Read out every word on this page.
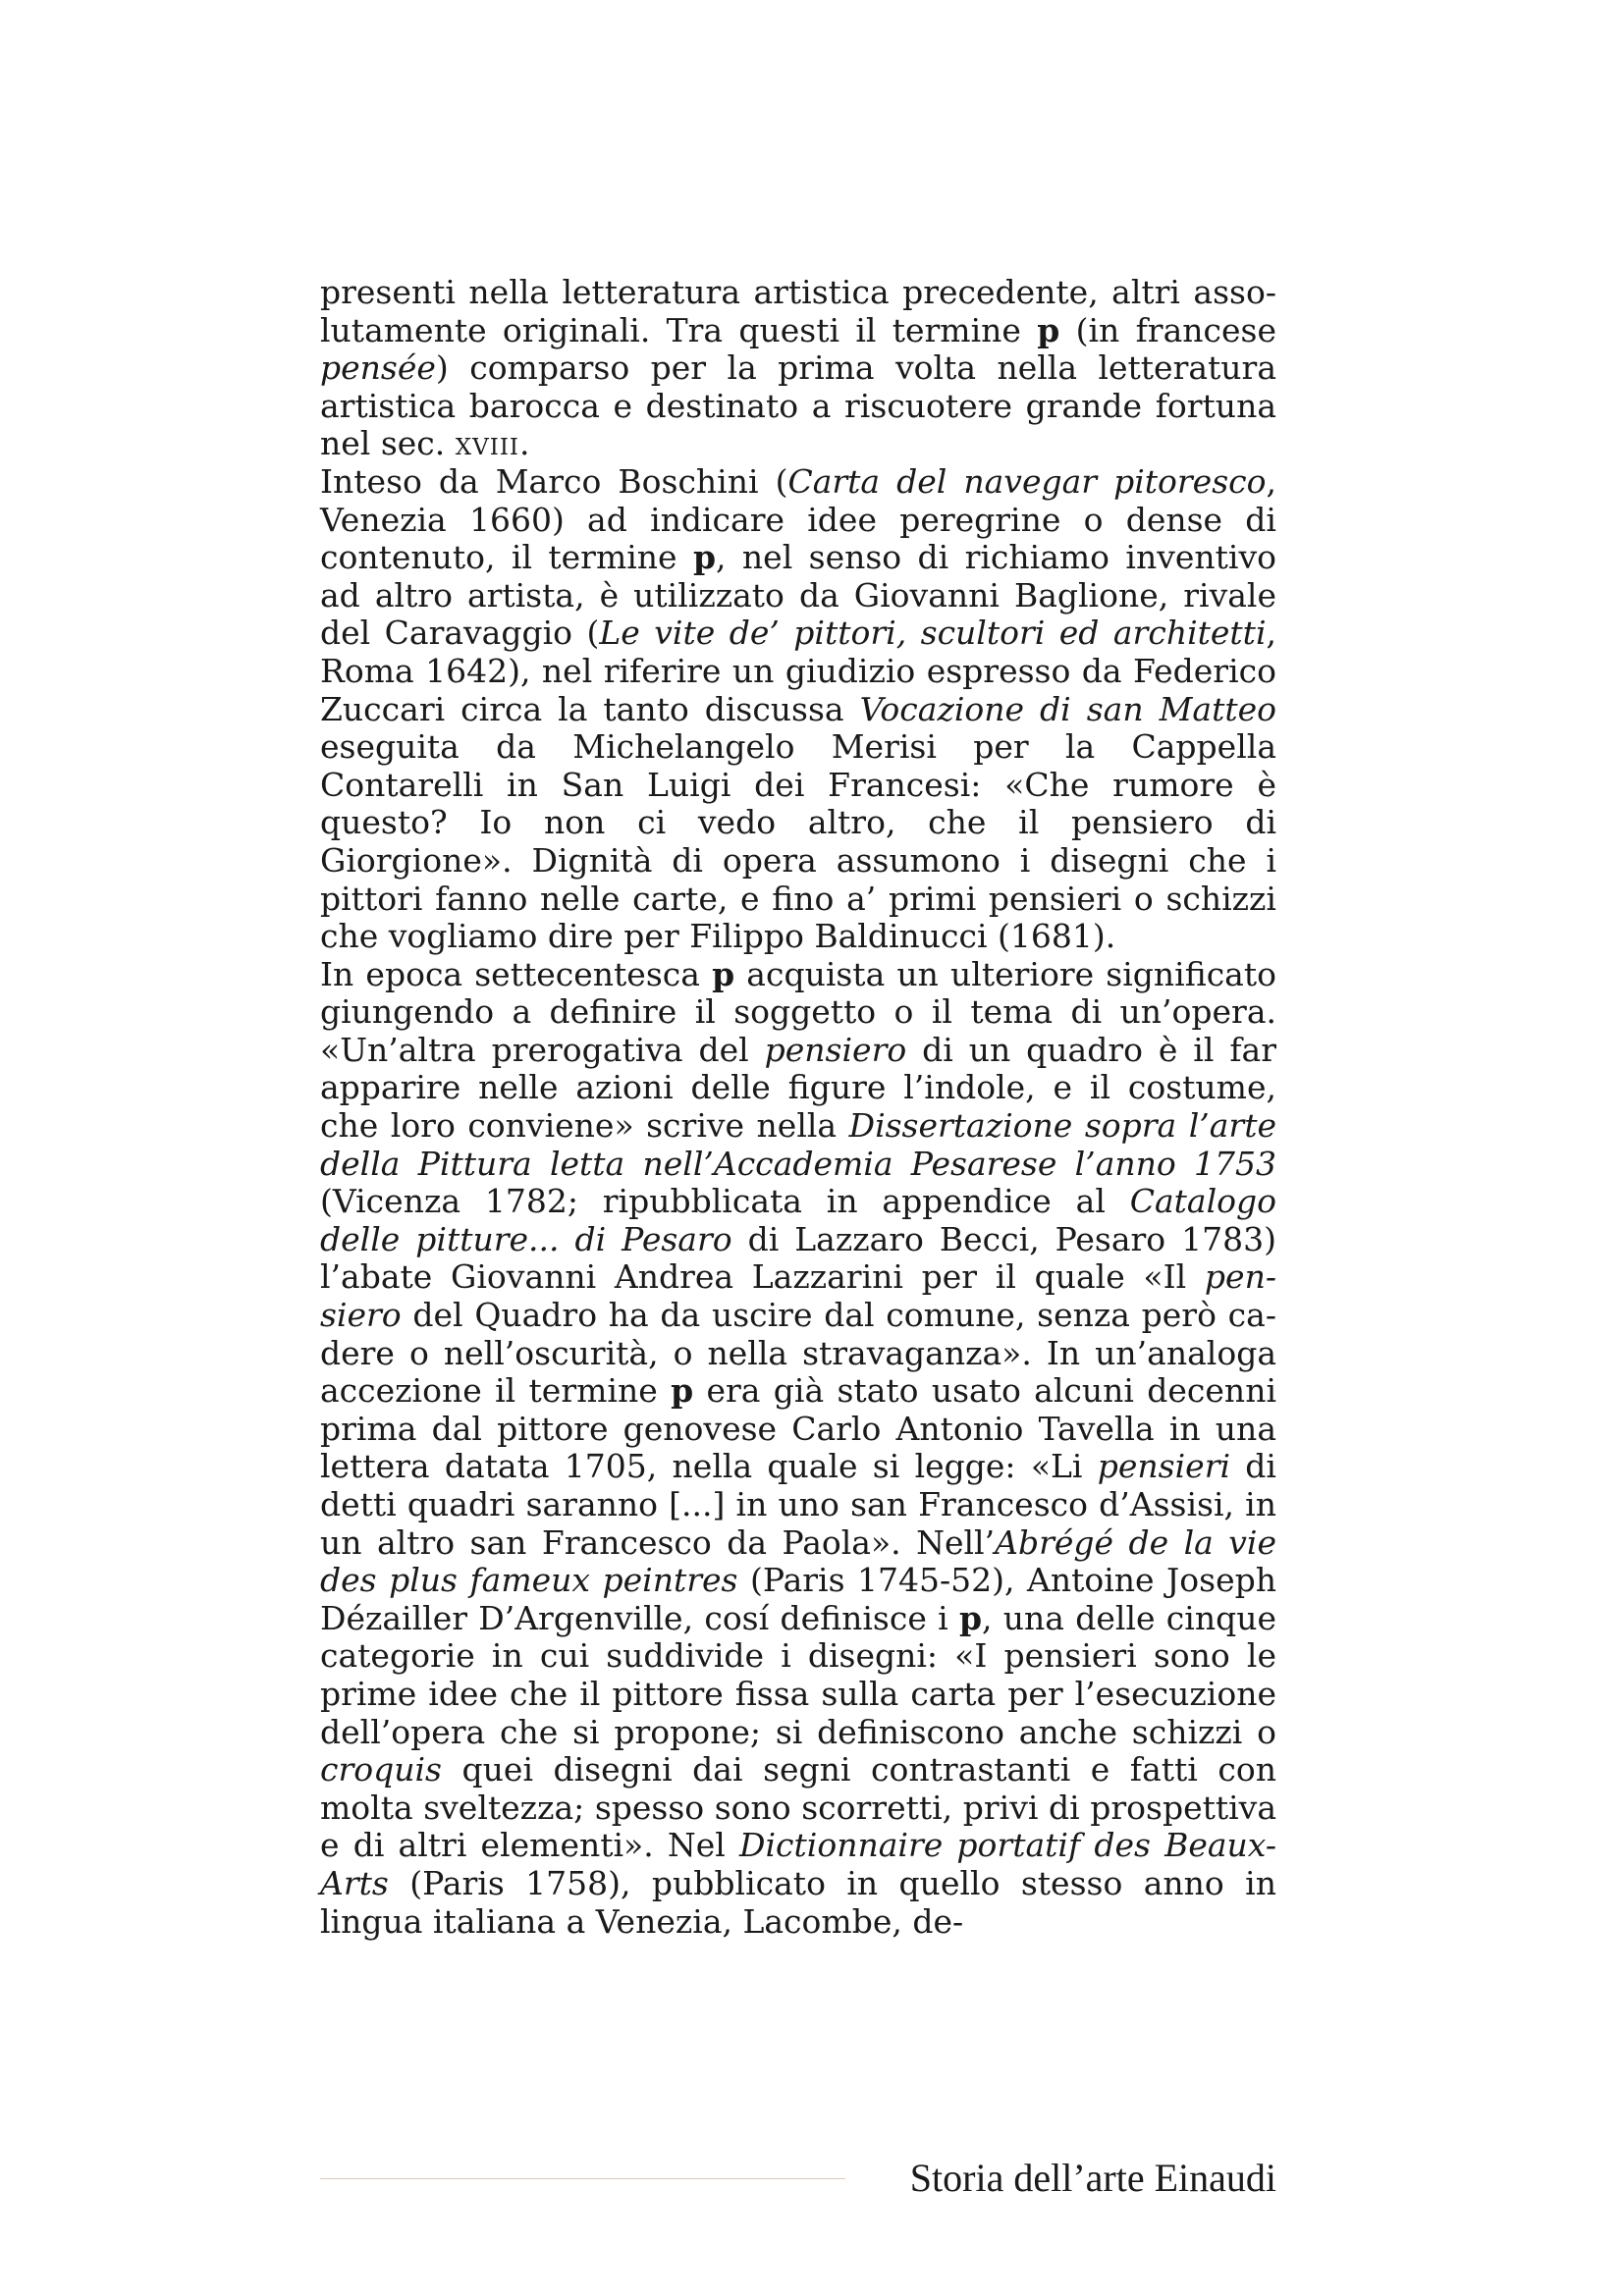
presenti nella letteratura artistica precedente, altri assolutamente originali. Tra questi il termine p (in francese pensée) comparso per la prima volta nella letteratura artistica barocca e destinato a riscuotere grande fortuna nel sec. xviii.

Inteso da Marco Boschini (Carta del navegar pitoresco, Venezia 1660) ad indicare idee peregrine o dense di contenuto, il termine p, nel senso di richiamo inventivo ad altro artista, è utilizzato da Giovanni Baglione, rivale del Caravaggio (Le vite de’ pittori, scultori ed architetti, Roma 1642), nel riferire un giudizio espresso da Federico Zuccari circa la tanto discussa Vocazione di san Matteo eseguita da Michelangelo Merisi per la Cappella Contarelli in San Luigi dei Francesi: «Che rumore è questo? Io non ci vedo altro, che il pensiero di Giorgione». Dignità di opera assumono i disegni che i pittori fanno nelle carte, e fino a’ primi pensieri o schizzi che vogliamo dire per Filippo Baldinucci (1681).

In epoca settecentesca p acquista un ulteriore significato giungendo a definire il soggetto o il tema di un’opera. «Un’altra prerogativa del pensiero di un quadro è il far apparire nelle azioni delle figure l’indole, e il costume, che loro conviene» scrive nella Dissertazione sopra l’arte della Pittura letta nell’Accademia Pesarese l’anno 1753 (Vicenza 1782; ripubblicata in appendice al Catalogo delle pitture... di Pesaro di Lazzaro Becci, Pesaro 1783) l’abate Giovanni Andrea Lazzarini per il quale «Il pensiero del Quadro ha da uscire dal comune, senza però cadere o nell’oscurità, o nella stravaganza». In un’analoga accezione il termine p era già stato usato alcuni decenni prima dal pittore genovese Carlo Antonio Tavella in una lettera datata 1705, nella quale si legge: «Li pensieri di detti quadri saranno [...] in uno san Francesco d’Assisi, in un altro san Francesco da Paola». Nell’Abrégé de la vie des plus fameux peintres (Paris 1745-52), Antoine Joseph Dézailler D’Argenville, cosí definisce i p, una delle cinque categorie in cui suddivide i disegni: «I pensieri sono le prime idee che il pittore fissa sulla carta per l’esecuzione dell’opera che si propone; si definiscono anche schizzi o croquis quei disegni dai segni contrastanti e fatti con molta sveltezza; spesso sono scorretti, privi di prospettiva e di altri elementi». Nel Dictionnaire portatif des Beaux-Arts (Paris 1758), pubblicato in quello stesso anno in lingua italiana a Venezia, Lacombe, de-

Storia dell’arte Einaudi
